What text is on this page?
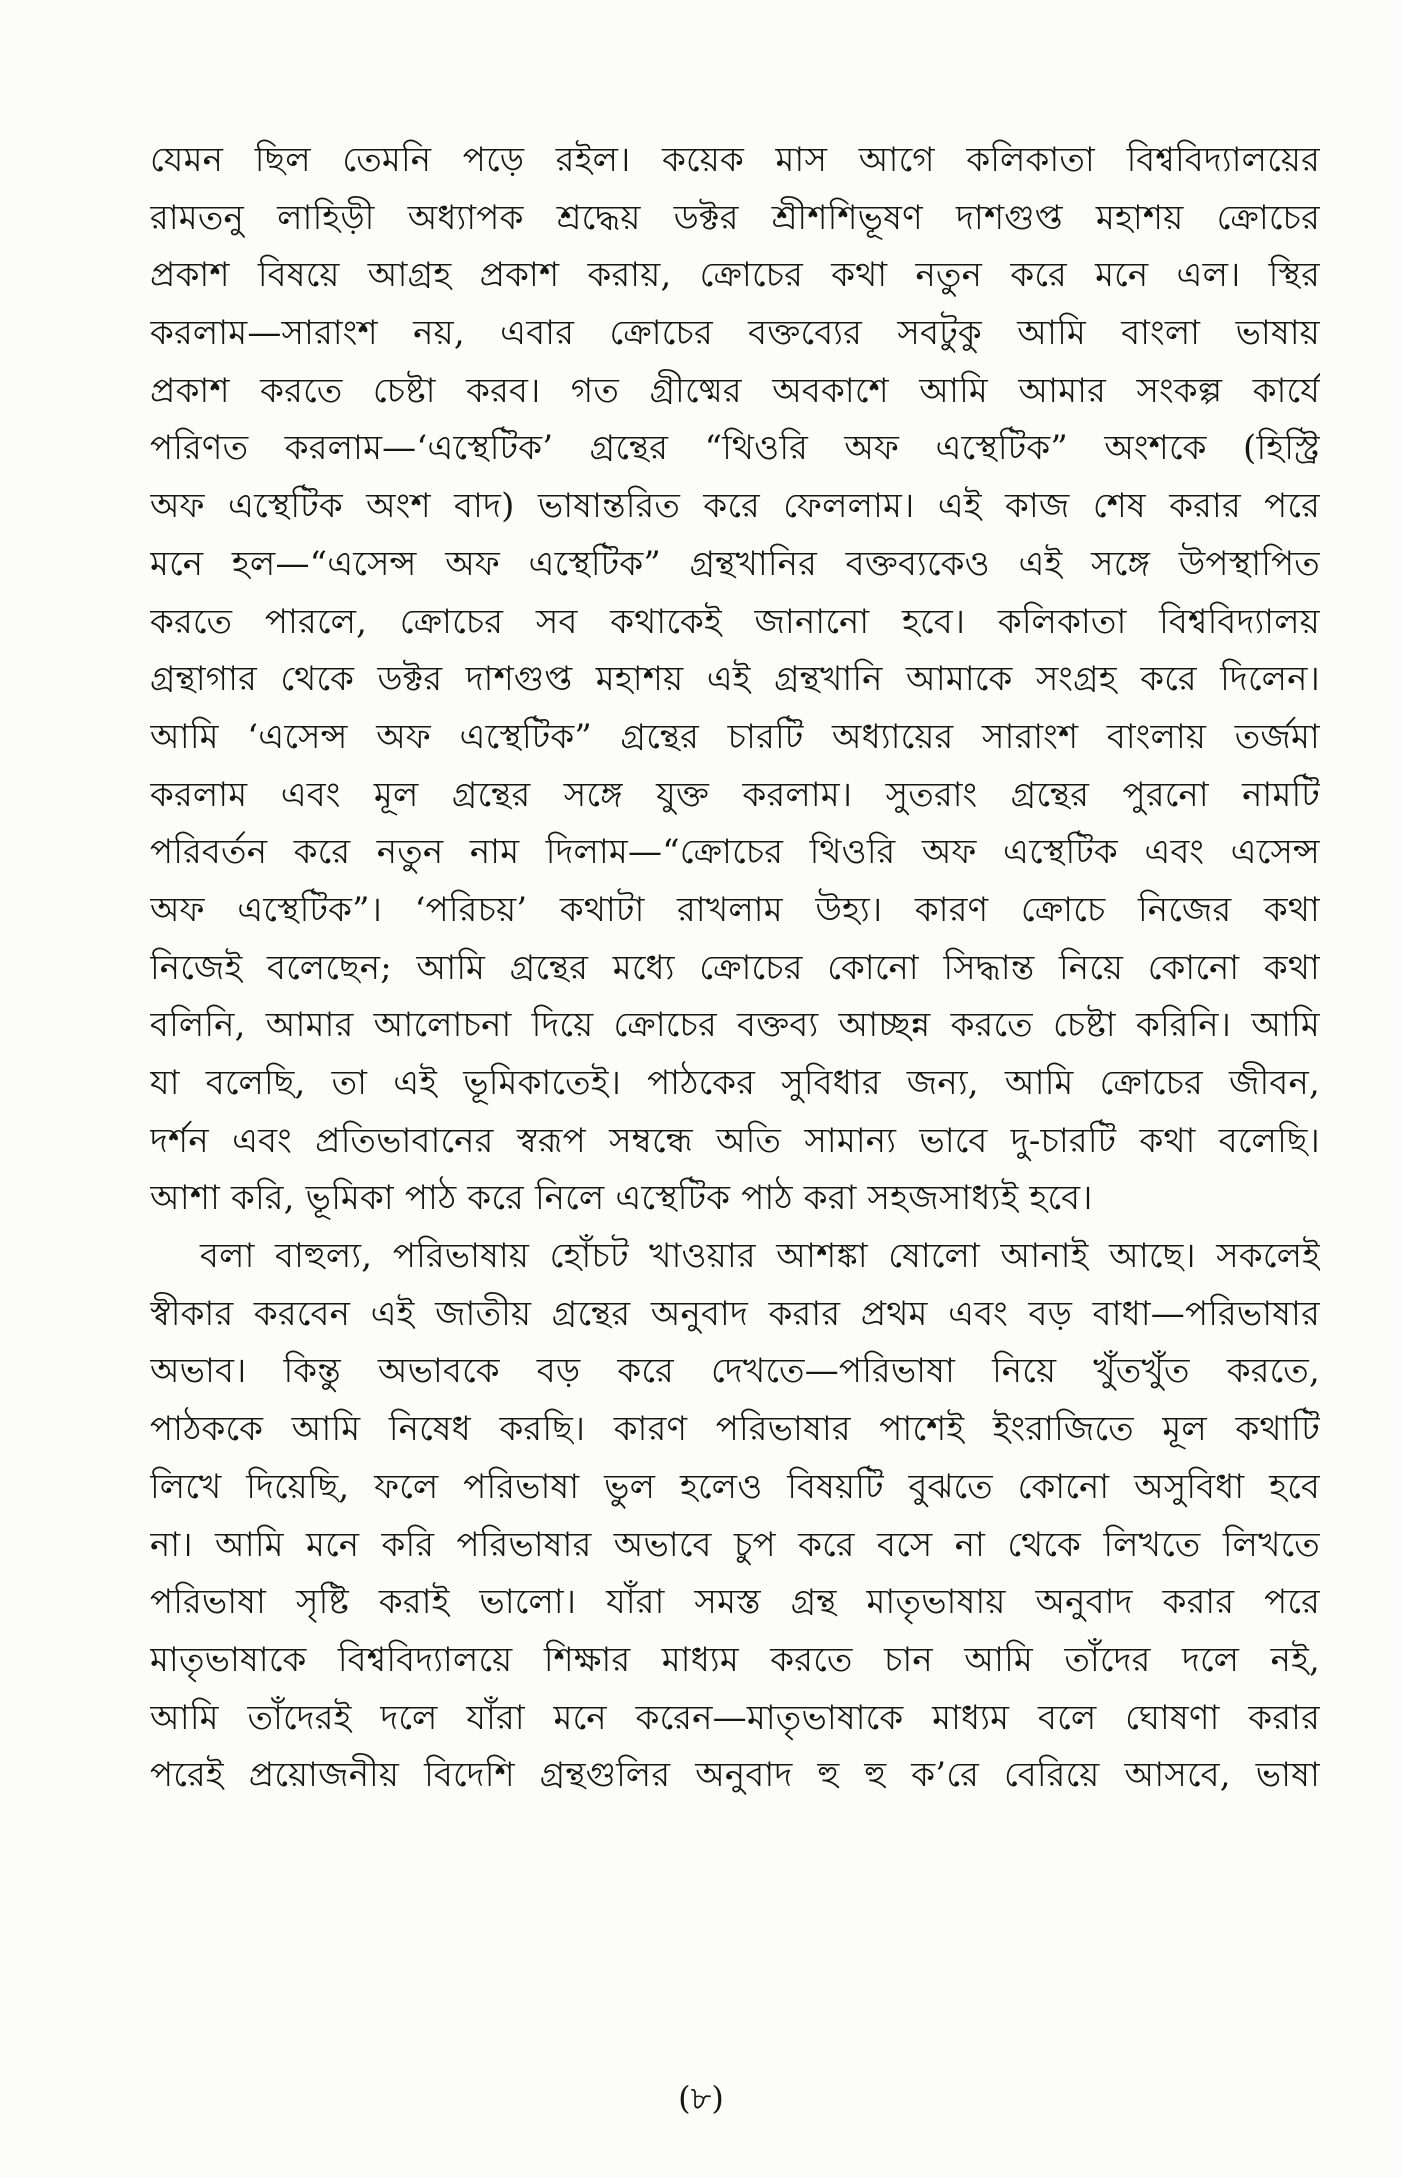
যেমন ছিল তেমনি পড়ে রইল। কয়েক মাস আগে কলিকাতা বিশ্ববিদ্যালয়ের
রামতনু লাহিড়ী অধ্যাপক শ্রদ্ধেয় ডক্টর শ্রীশশিভূষণ দাশগুপ্ত মহাশয় ক্রোচের
প্রকাশ বিষয়ে আগ্রহ প্রকাশ করায়, ক্রোচের কথা নতুন করে মনে এল। স্থির
করলাম—সারাংশ নয়, এবার ক্রোচের বক্তব্যের সবটুকু আমি বাংলা ভাষায়
প্রকাশ করতে চেষ্টা করব। গত গ্রীষ্মের অবকাশে আমি আমার সংকল্প কার্যে
পরিণত করলাম—‘এস্থেটিক’ গ্রন্থের “থিওরি অফ এস্থেটিক” অংশকে (হিস্ট্রি
অফ এস্থেটিক অংশ বাদ) ভাষান্তরিত করে ফেললাম। এই কাজ শেষ করার পরে
মনে হল—“এসেন্স অফ এস্থেটিক” গ্রন্থখানির বক্তব্যকেও এই সঙ্গে উপস্থাপিত
করতে পারলে, ক্রোচের সব কথাকেই জানানো হবে। কলিকাতা বিশ্ববিদ্যালয়
গ্রন্থাগার থেকে ডক্টর দাশগুপ্ত মহাশয় এই গ্রন্থখানি আমাকে সংগ্রহ করে দিলেন।
আমি ‘এসেন্স অফ এস্থেটিক” গ্রন্থের চারটি অধ্যায়ের সারাংশ বাংলায় তর্জমা
করলাম এবং মূল গ্রন্থের সঙ্গে যুক্ত করলাম। সুতরাং গ্রন্থের পুরনো নামটি
পরিবর্তন করে নতুন নাম দিলাম—“ক্রোচের থিওরি অফ এস্থেটিক এবং এসেন্স
অফ এস্থেটিক”। ‘পরিচয়’ কথাটা রাখলাম উহ্য। কারণ ক্রোচে নিজের কথা
নিজেই বলেছেন; আমি গ্রন্থের মধ্যে ক্রোচের কোনো সিদ্ধান্ত নিয়ে কোনো কথা
বলিনি, আমার আলোচনা দিয়ে ক্রোচের বক্তব্য আচ্ছন্ন করতে চেষ্টা করিনি। আমি
যা বলেছি, তা এই ভূমিকাতেই। পাঠকের সুবিধার জন্য, আমি ক্রোচের জীবন,
দর্শন এবং প্রতিভাবানের স্বরূপ সম্বন্ধে অতি সামান্য ভাবে দু-চারটি কথা বলেছি।
আশা করি, ভূমিকা পাঠ করে নিলে এস্থেটিক পাঠ করা সহজসাধ্যই হবে।
বলা বাহুল্য, পরিভাষায় হোঁচট খাওয়ার আশঙ্কা ষোলো আনাই আছে। সকলেই
স্বীকার করবেন এই জাতীয় গ্রন্থের অনুবাদ করার প্রথম এবং বড় বাধা—পরিভাষার
অভাব। কিন্তু অভাবকে বড় করে দেখতে—পরিভাষা নিয়ে খুঁতখুঁত করতে,
পাঠককে আমি নিষেধ করছি। কারণ পরিভাষার পাশেই ইংরাজিতে মূল কথাটি
লিখে দিয়েছি, ফলে পরিভাষা ভুল হলেও বিষয়টি বুঝতে কোনো অসুবিধা হবে
না। আমি মনে করি পরিভাষার অভাবে চুপ করে বসে না থেকে লিখতে লিখতে
পরিভাষা সৃষ্টি করাই ভালো। যাঁরা সমস্ত গ্রন্থ মাতৃভাষায় অনুবাদ করার পরে
মাতৃভাষাকে বিশ্ববিদ্যালয়ে শিক্ষার মাধ্যম করতে চান আমি তাঁদের দলে নই,
আমি তাঁদেরই দলে যাঁরা মনে করেন—মাতৃভাষাকে মাধ্যম বলে ঘোষণা করার
পরেই প্রয়োজনীয় বিদেশি গ্রন্থগুলির অনুবাদ হু হু ক’রে বেরিয়ে আসবে, ভাষা
(৮)
